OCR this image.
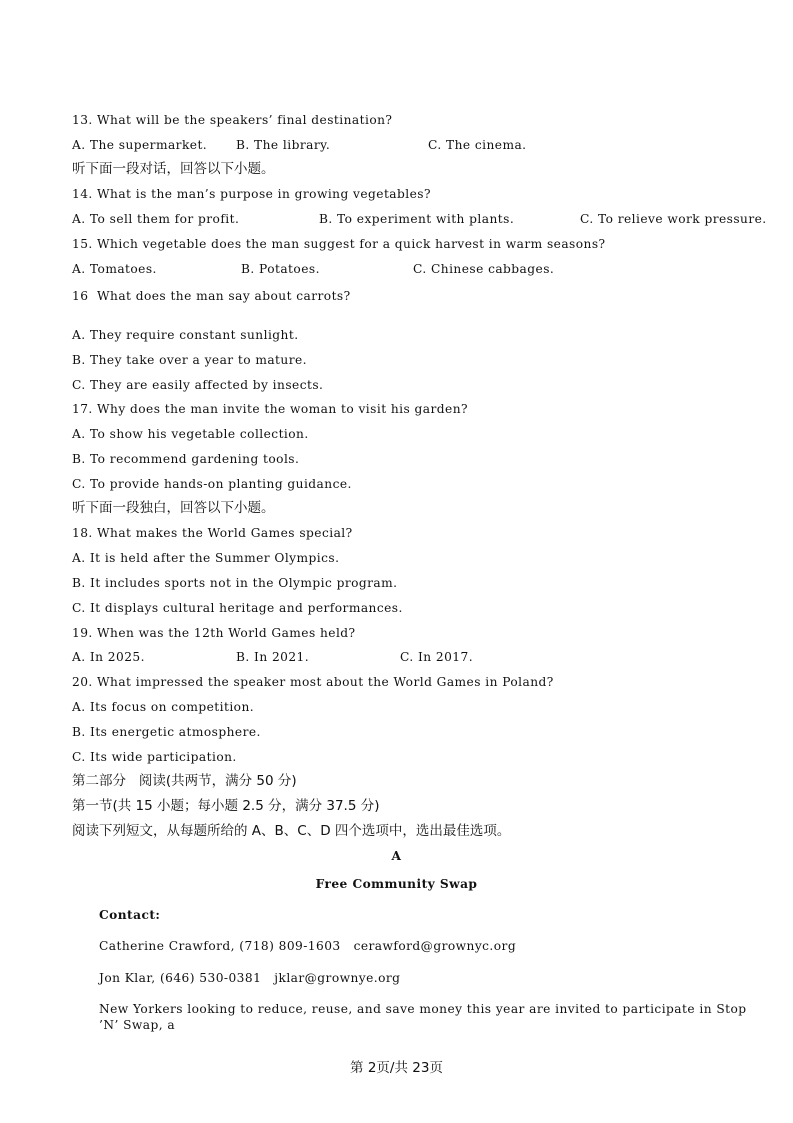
13. What will be the speakers’ final destination?
A. The supermarket. B. The library.	C. The cinema.
听下面一段对话，回答以下小题。
14. What is the man’s purpose in growing vegetables?
A. To sell them for profit.	B. To experiment with plants.	C. To relieve work pressure.
15. Which vegetable does the man suggest for a quick harvest in warm seasons?
A. Tomatoes.	B. Potatoes.	C. Chinese cabbages.
16  What does the man say about carrots?
A. They require constant sunlight.
B. They take over a year to mature.
C. They are easily affected by insects.
17. Why does the man invite the woman to visit his garden?
A. To show his vegetable collection.
B. To recommend gardening tools.
C. To provide hands-on planting guidance.
听下面一段独白，回答以下小题。
18. What makes the World Games special?
A. It is held after the Summer Olympics.
B. It includes sports not in the Olympic program.
C. It displays cultural heritage and performances.
19. When was the 12th World Games held?
A. In 2025.	B. In 2021.	C. In 2017.
20. What impressed the speaker most about the World Games in Poland?
A. Its focus on competition.
B. Its energetic atmosphere.
C. Its wide participation.
第二部分   阅读(共两节，满分 50 分)
第一节(共 15 小题；每小题 2.5 分，满分 37.5 分)
阅读下列短文，从每题所给的 A、B、C、D 四个选项中，选出最佳选项。
A
Free Community Swap
Contact:
Catherine Crawford, (718) 809-1603   cerawford@grownyc.org
Jon Klar, (646) 530-0381   jklar@grownye.org
New Yorkers looking to reduce, reuse, and save money this year are invited to participate in Stop
’N’ Swap, a
第 2页/共 23页
